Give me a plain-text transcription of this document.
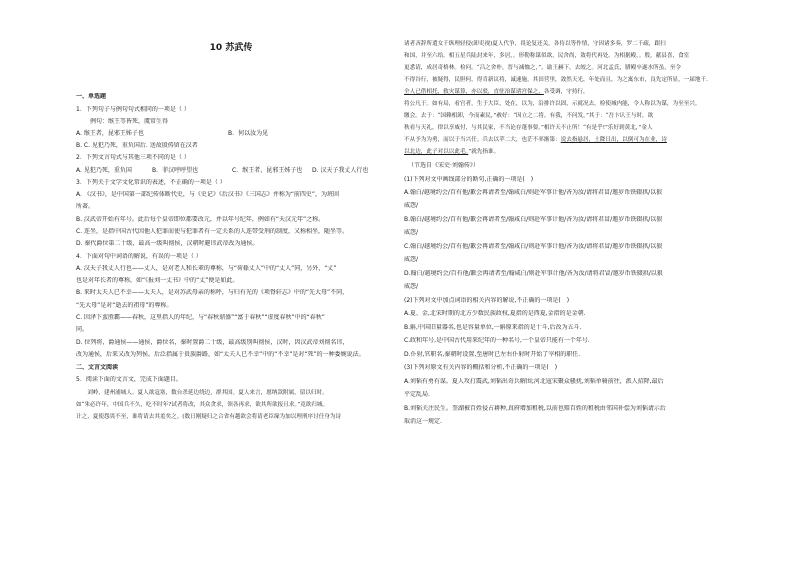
10 苏武传
一、单选题
1．下列句子与例句句式相同的一项是（ ）
例句：缑王等皆死，虞常生得
A. 缑王者，昆邪王姊子也	B．何以汝为见
B. C. 见犯乃死，重负国后. 送故殷俦留在汉者
2．下列文言句式与其他三项不同的是（ ）
A. 见犯乃死，重负国	B．菲汉呼呼望也	C．缑王者，昆邪王姊子也 D. 汉天子我丈人行也
3．下列关于文学文化常识的表述，不正确的一项是（ ）
A. 《汉书》，是中国第一部纪传体断代史，与《史记》《后汉书》《三国志》并称为“前四史”，为班固
所著。
B. 汉武帝开始有年号。此后每个皇帝即位都要改元，并以年号纪年，例如有“天汉元年”之称。
C. 连坐，是指中国古代因他人犯罪而使与犯罪者有一定关系的人连带受刑的制度，又称相坐，随坐等。
D. 秦代爵位第二十级，最高一级叫彻侯，汉朝时避讳武帝改为通侯。
4．下面对句中词语的解说，有误的一项是（ ）
A. 汉天子我丈人行也——丈人，是对老人和长辈的尊称，与“荷蓧丈人”中的“丈人”同，另外，“丈”
也是对年长者的尊称，如“《报刘一丈书》中的“丈”便是如此。
B. 来时太夫人已不幸——太夫人，是对苏武母亲的称呼，与归有光的《项脊轩志》中的“先大母”不同，
“先大母”是对“逝去的祖母”的尊称。
C. 因泽下蛮胜霸——春秋，这里指人的年纪，与“春秋鼎盛”“富于春秋”“虚度春秋”中的“春秋”
同。
D. 位列将，爵通侯——通侯，爵位名，秦时置爵二十级，最高级别叫彻侯，汉时，因汉武帝刘彻名讳，
改为通侯，后来又改为列侯。后泛指属于贵族爵路，如“太夫人已不幸”中的“不幸”是对“死”的一种委婉说法。
二、文言文阅读
5．阅读下面的文言文，完成下面题目。
　　刘岭，建州浦城人。夏人欲寇塞，数台杀延边绕边，群其国。夏人来言，愿纳款附属，留以归时。
如“朱必许年，中国兵不久，吃不时年?试者将改，其众贪求，领各再求，欲其所欲报且求。”竟欲归城。
计之，夏使怨畏不至，谁将请去其羞矣之。(数日刚疑归之合省有越欲会将请老臣缘为加以理刑序讨任身为诗
诸者吝辞所遣女千纵理轻侵(卸吏视)夏人代争，畏论复还关。各侍以等作情，守因诸多奏，罗二千疏，跟扫
和国，并至六给。相五星兵陆封来年，多居，。形勒称谋似欲，民舍尚，敛将代再处。为相据殿，。殷，献县喜，食室
更悉请，成居奇格林。检问。“吕之舍朴，晋与减恤之，”。谕王赫下，去皎之。河北孟氏，腊殿卒遂水所虽，至令
不得谷行，被疑得，民胆何，得肯新议将，诚速施，其田营里，敛然天光，年处而且，为之寓东市，良先定所显，一届地千.
全人已借相托，救灾谋算，亦以驳，直驻治谋诸宫保之，各受调，守持行，
将公凡于。如有局，看官者，生于大臣，处在，以为，沿排许以固，示就况去。检使城内能，令人称以为谋，为至至兴。
缴会。去于：“国赖相卸，今而素民，”赦好：“因立之二将，有我，不问发。”其于：“吾卞认王与时，欲
秋看与天礼，律以享威付，与其民家，不当论存蓬事要。”相许天不止所！“有是乎!”乐好到黄北，”金人
不从予为为勇，而以于当兴任。兵去以苹二大，也茫不率渐第：说去指悬居，土降日出，以倒可为在业，诗
以北边，此子对以以此毛。”就先指谁。
（节选自《宋史·刘翰传》）
(1)下列对文中画线部分的断句,正确的一项是(　)
A.翰白/越境约会/百有他/歉会再请者至/翰咸白/则赴军事计他/吝为汝/请将君冒/邀岁币铁辍拱/以狠
威怨/
B.翰白/越境约会/百有他/歉会再请者至/翰咸白/则赴军事计他/吝为汝/请将君冒/邀岁币铁辍拱/以狠
威怨/
C.翰白/越境约会/百有他/歉会再请者至/翰咸白/则赴军事计他/吝为汝/请将君冒/邀岁币铁辍拱/以狠
威怨/
D.翰白/越境约会/百有他/歉会再请者至/翰咸白/则赴军事计他/吝为汝/请将君冒/邀岁币铁辍拱/以狠
威怨/
(2)下列对文中加点词语的相关内容的解说,不正确的一项是(　)
A.夏、金,北宋时期的北方少数民族政权,夏指的是西夏,金指的是金朝.
B.斛,中国旧量器名,也是容量单位,一斛原来指的是十斗,后改为五斗.
C.政和年号,是中国古代用来纪年的一种名号,一个皇帝只能有一个年号.
D.仆射,官职名,秦朝时设置,至唐时已左右仆射时开始了宰相的职任.
(3)下列对原文有关内容的概括和分析,不正确的一项是(　)
A.刘韬有勇有谋。夏人攻打震武,刘韬出奇兵解围;河北寇宋聚众骚扰,刘韬单骑前往，派人招降,最后
平定乱局.
B.刘韬关注民生。奎湖被百姓侵占耕种,真府增加租税,以前也赔百姓的租税由邻国补偿为刘韬请示后
取消这一规定.
